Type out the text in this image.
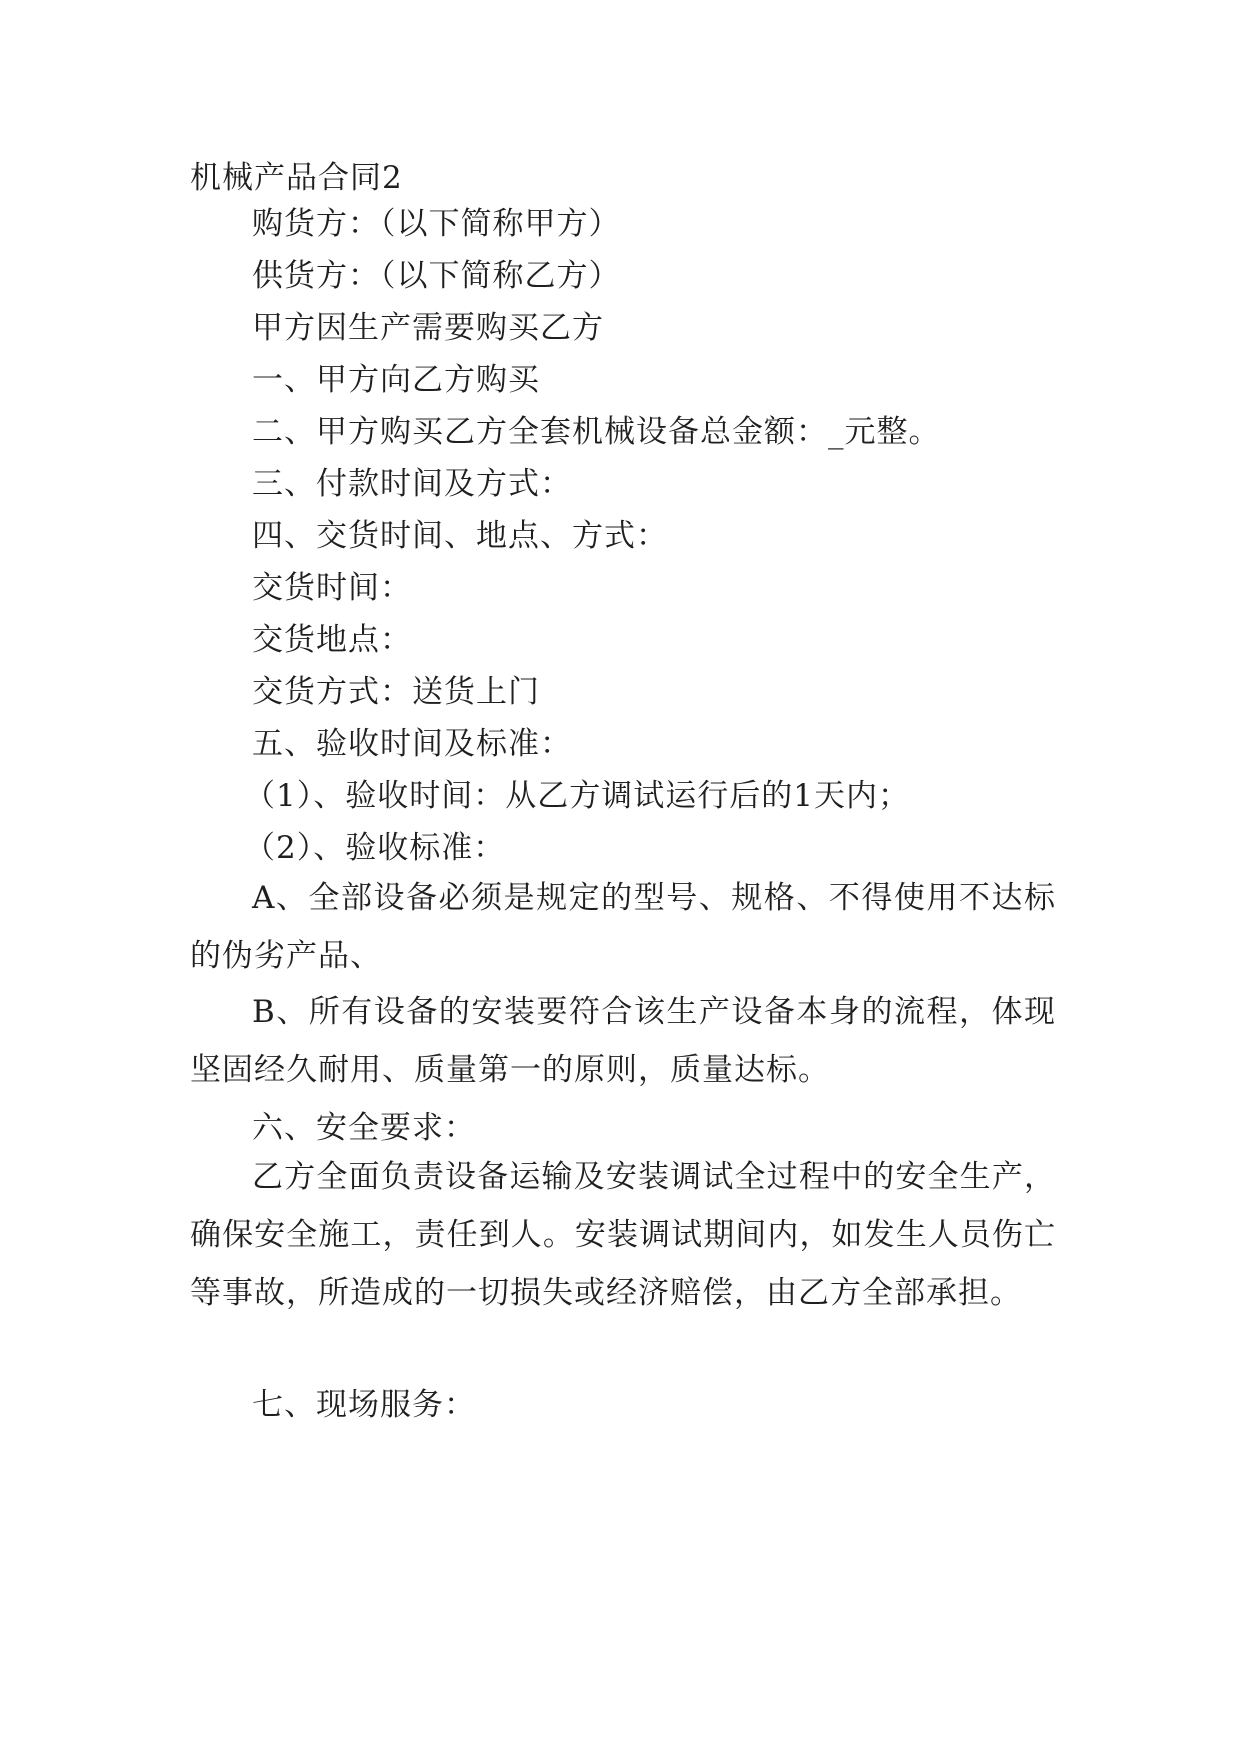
机械产品合同2
购货方：（以下简称甲方）
供货方：（以下简称乙方）
甲方因生产需要购买乙方
一、甲方向乙方购买
二、甲方购买乙方全套机械设备总金额：_元整。
三、付款时间及方式：
四、交货时间、地点、方式：
交货时间：
交货地点：
交货方式：送货上门
五、验收时间及标准：
（1）、验收时间：从乙方调试运行后的1天内；
（2）、验收标准：
A、全部设备必须是规定的型号、规格、不得使用不达标的伪劣产品、
B、所有设备的安装要符合该生产设备本身的流程，体现坚固经久耐用、质量第一的原则，质量达标。
六、安全要求：
乙方全面负责设备运输及安装调试全过程中的安全生产，确保安全施工，责任到人。安装调试期间内，如发生人员伤亡等事故，所造成的一切损失或经济赔偿，由乙方全部承担。
七、现场服务：
